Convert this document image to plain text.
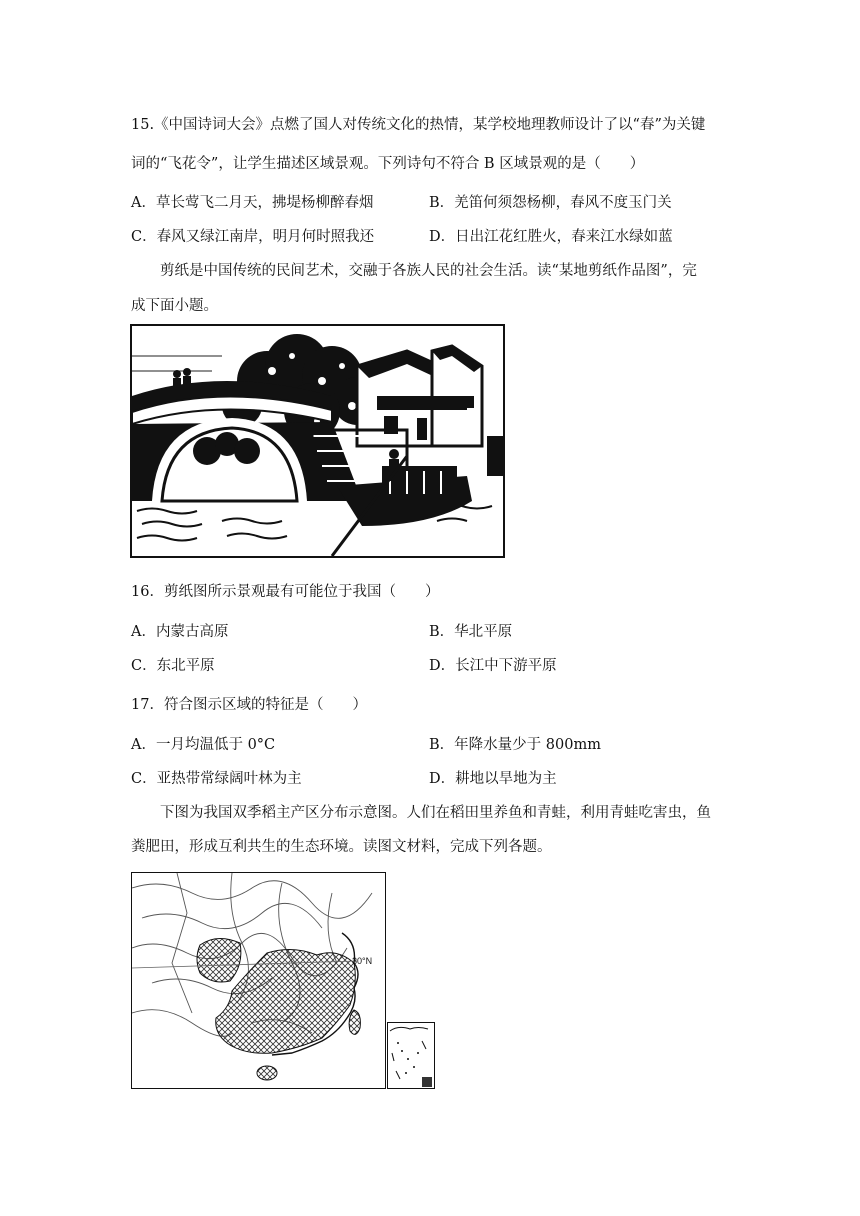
15.《中国诗词大会》点燃了国人对传统文化的热情，某学校地理教师设计了以“春”为关键
词的“飞花令”，让学生描述区域景观。下列诗句不符合 B 区域景观的是（　　）
A．草长莺飞二月天，拂堤杨柳醉春烟	B．羌笛何须怨杨柳，春风不度玉门关
C．春风又绿江南岸，明月何时照我还	D．日出江花红胜火，春来江水绿如蓝
剪纸是中国传统的民间艺术，交融于各族人民的社会生活。读“某地剪纸作品图”，完
成下面小题。
16．剪纸图所示景观最有可能位于我国（　　）
A．内蒙古高原	B．华北平原
C．东北平原	D．长江中下游平原
17．符合图示区域的特征是（　　）
A．一月均温低于 0°C	B．年降水量少于 800mm
C．亚热带常绿阔叶林为主	D．耕地以旱地为主
下图为我国双季稻主产区分布示意图。人们在稻田里养鱼和青蛙，利用青蛙吃害虫，鱼
粪肥田，形成互利共生的生态环境。读图文材料，完成下列各题。
30°N
